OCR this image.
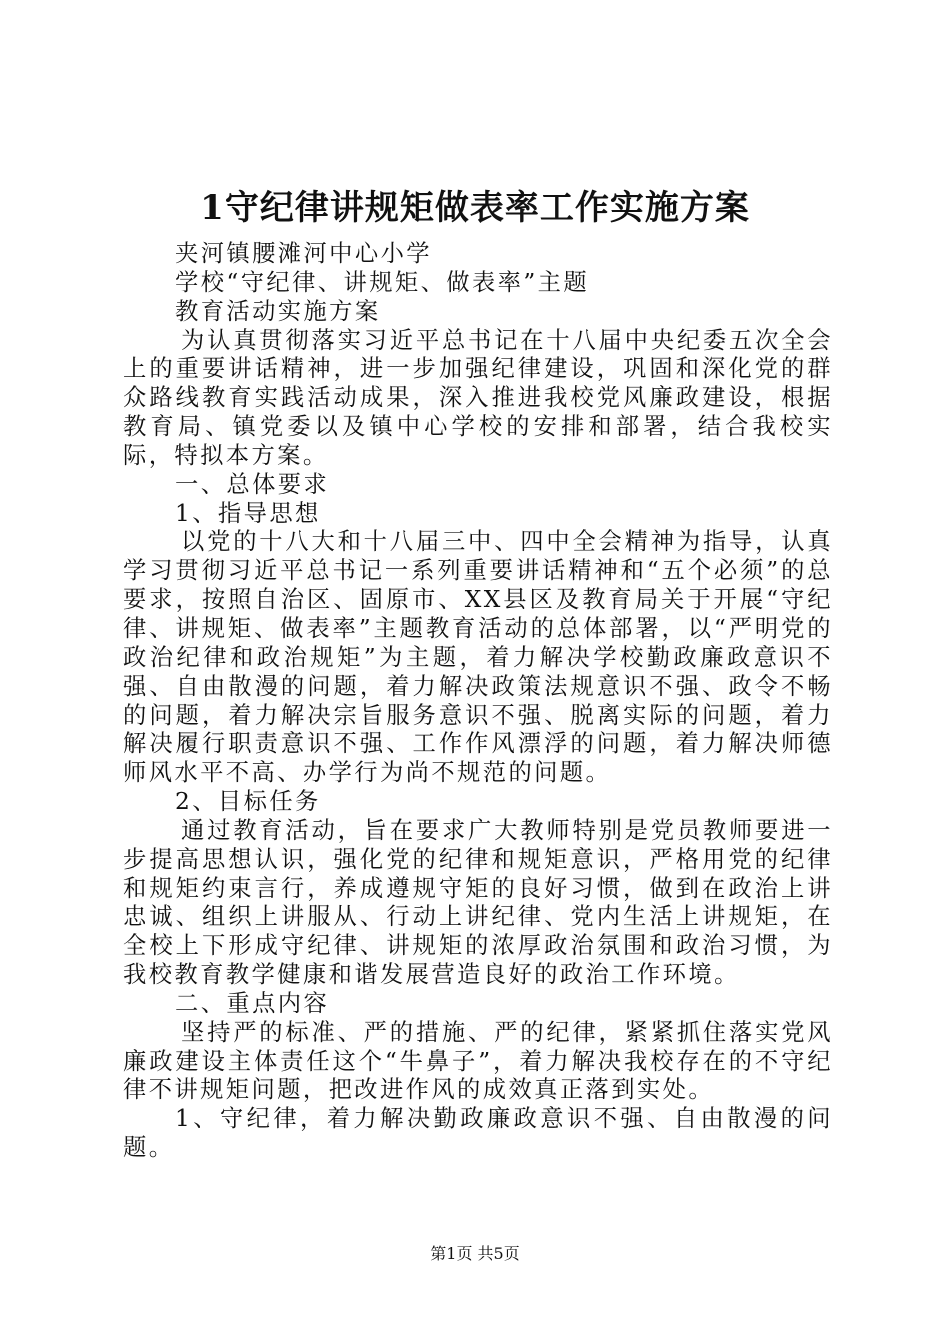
1守纪律讲规矩做表率工作实施方案

夹河镇腰滩河中心小学

学校“守纪律、讲规矩、做表率”主题

教育活动实施方案

为认真贯彻落实习近平总书记在十八届中央纪委五次全会上的重要讲话精神，进一步加强纪律建设，巩固和深化党的群众路线教育实践活动成果，深入推进我校党风廉政建设，根据教育局、镇党委以及镇中心学校的安排和部署，结合我校实际，特拟本方案。

一、总体要求

1、指导思想

以党的十八大和十八届三中、四中全会精神为指导，认真学习贯彻习近平总书记一系列重要讲话精神和“五个必须”的总要求，按照自治区、固原市、XX县区及教育局关于开展“守纪律、讲规矩、做表率”主题教育活动的总体部署，以“严明党的政治纪律和政治规矩”为主题，着力解决学校勤政廉政意识不强、自由散漫的问题，着力解决政策法规意识不强、政令不畅的问题，着力解决宗旨服务意识不强、脱离实际的问题，着力解决履行职责意识不强、工作作风漂浮的问题，着力解决师德师风水平不高、办学行为尚不规范的问题。

2、目标任务

通过教育活动，旨在要求广大教师特别是党员教师要进一步提高思想认识，强化党的纪律和规矩意识，严格用党的纪律和规矩约束言行，养成遵规守矩的良好习惯，做到在政治上讲忠诚、组织上讲服从、行动上讲纪律、党内生活上讲规矩，在全校上下形成守纪律、讲规矩的浓厚政治氛围和政治习惯，为我校教育教学健康和谐发展营造良好的政治工作环境。

二、重点内容

坚持严的标准、严的措施、严的纪律，紧紧抓住落实党风廉政建设主体责任这个“牛鼻子”，着力解决我校存在的不守纪律不讲规矩问题，把改进作风的成效真正落到实处。

1、守纪律，着力解决勤政廉政意识不强、自由散漫的问题。

第1页 共5页
